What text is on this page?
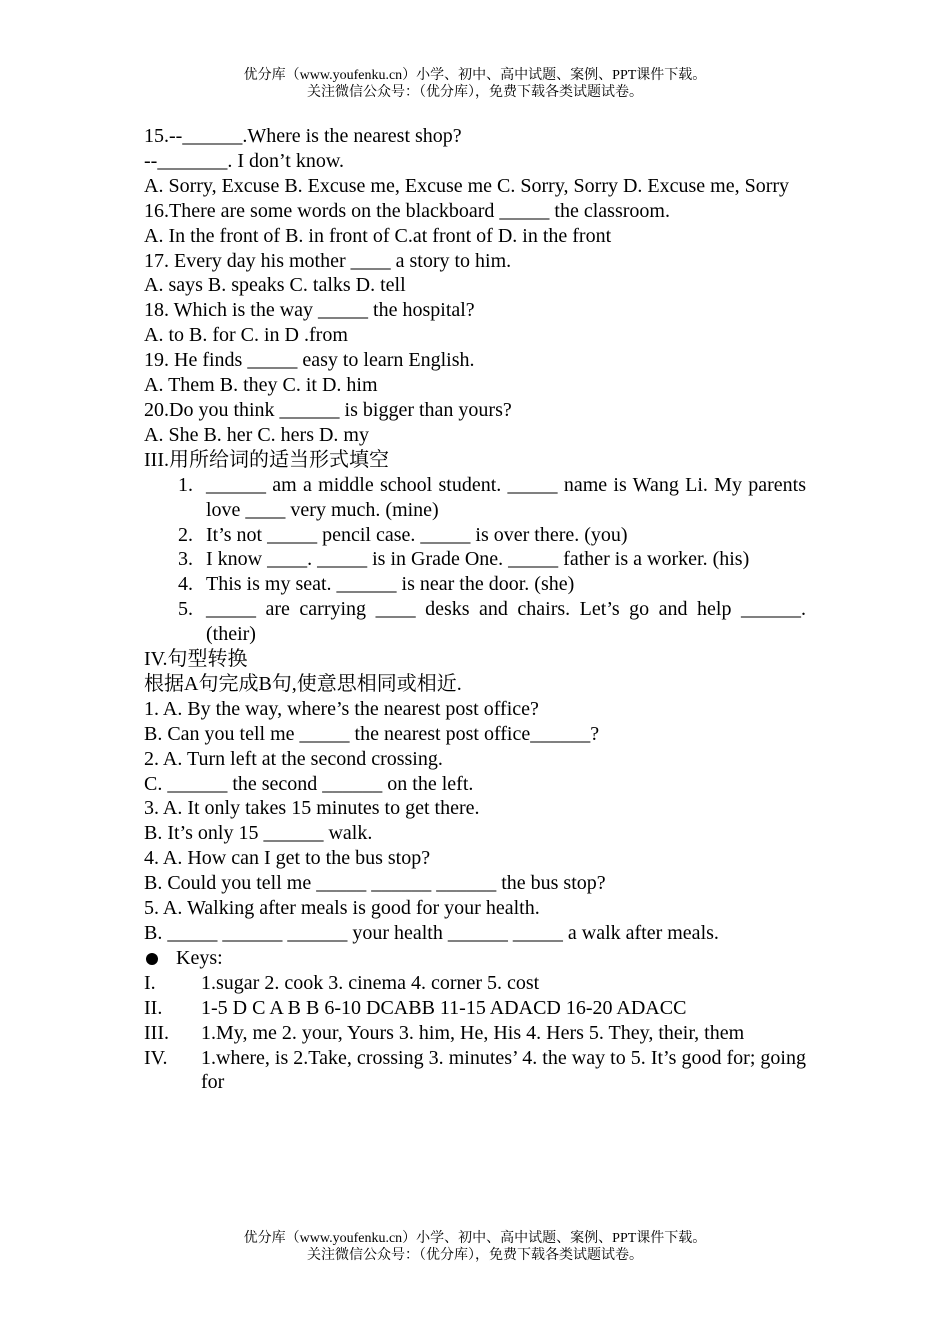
优分库（www.youfenku.cn）小学、初中、高中试题、案例、PPT课件下载。
关注微信公众号：（优分库），免费下载各类试题试卷。
15.--______.Where is the nearest shop?
--_______. I don’t know.
A. Sorry, Excuse B. Excuse me, Excuse me C. Sorry, Sorry D. Excuse me, Sorry
16.There are some words on the blackboard _____ the classroom.
A. In the front of B. in front of C.at front of D. in the front
17. Every day his mother ____ a story to him.
A. says B. speaks C. talks D. tell
18. Which is the way _____ the hospital?
A. to B. for C. in D .from
19. He finds _____ easy to learn English.
A. Them B. they C. it D. him
20.Do you think ______ is bigger than yours?
A. She B. her C. hers D. my
III.用所给词的适当形式填空
1. ______ am a middle school student. _____ name is Wang Li. My parents love ____ very much. (mine)
2. It’s not _____ pencil case. _____ is over there. (you)
3. I know ____. _____ is in Grade One. _____ father is a worker. (his)
4. This is my seat. ______ is near the door. (she)
5. _____ are carrying ____ desks and chairs. Let’s go and help ______.(their)
IV.句型转换
根据A句完成B句,使意思相同或相近.
1. A. By the way, where’s the nearest post office?
B. Can you tell me _____ the nearest post office______?
2. A. Turn left at the second crossing.
C. ______ the second ______ on the left.
3. A. It only takes 15 minutes to get there.
B. It’s only 15 ______ walk.
4. A. How can I get to the bus stop?
B. Could you tell me _____ ______ ______ the bus stop?
5. A. Walking after meals is good for your health.
B. _____ ______ ______ your health ______ _____ a walk after meals.
Keys:
I.	1.sugar 2. cook 3. cinema 4. corner 5. cost
II.	1-5 D C A B B 6-10 DCABB 11-15 ADACD 16-20 ADACC
III.	1.My, me 2. your, Yours 3. him, He, His 4. Hers 5. They, their, them
IV.	1.where, is 2.Take, crossing 3. minutes’ 4. the way to 5. It’s good for; going for
优分库（www.youfenku.cn）小学、初中、高中试题、案例、PPT课件下载。
关注微信公众号：（优分库），免费下载各类试题试卷。
